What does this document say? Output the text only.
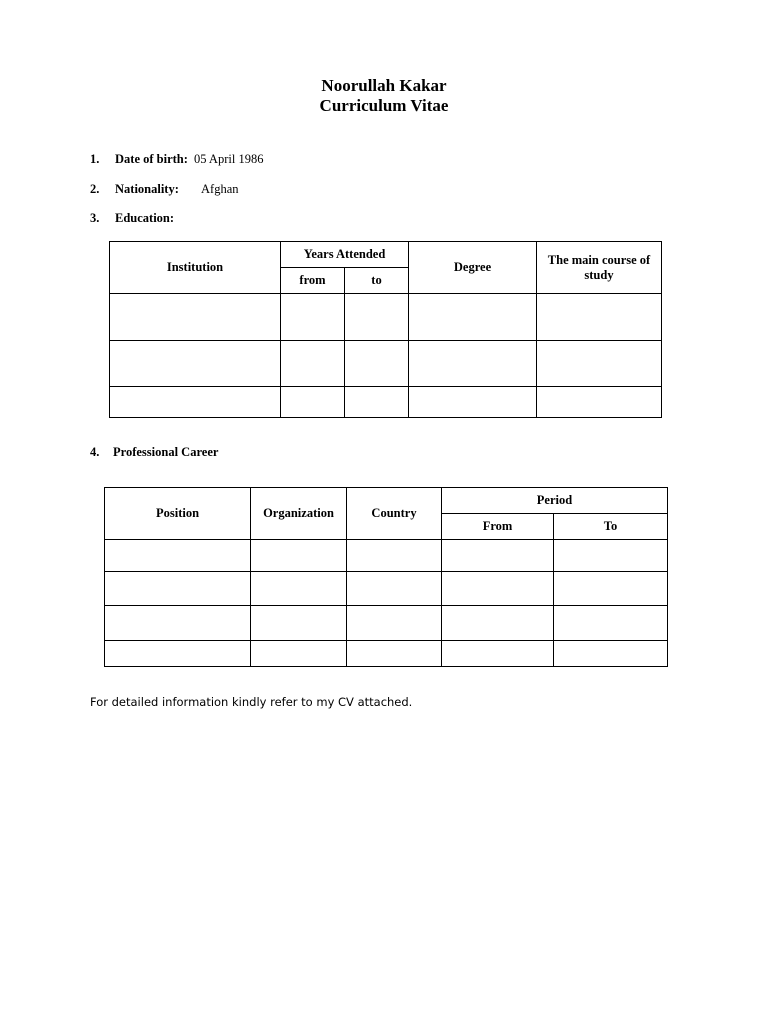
Noorullah Kakar
Curriculum Vitae
1. Date of birth: 05 April 1986
2. Nationality: Afghan
3. Education:
Institution	Years Attended		Degree	The main course of study
	from	to		

4. Professional Career
Position	Organization	Country	Period	
			From	To

For detailed information kindly refer to my CV attached.
